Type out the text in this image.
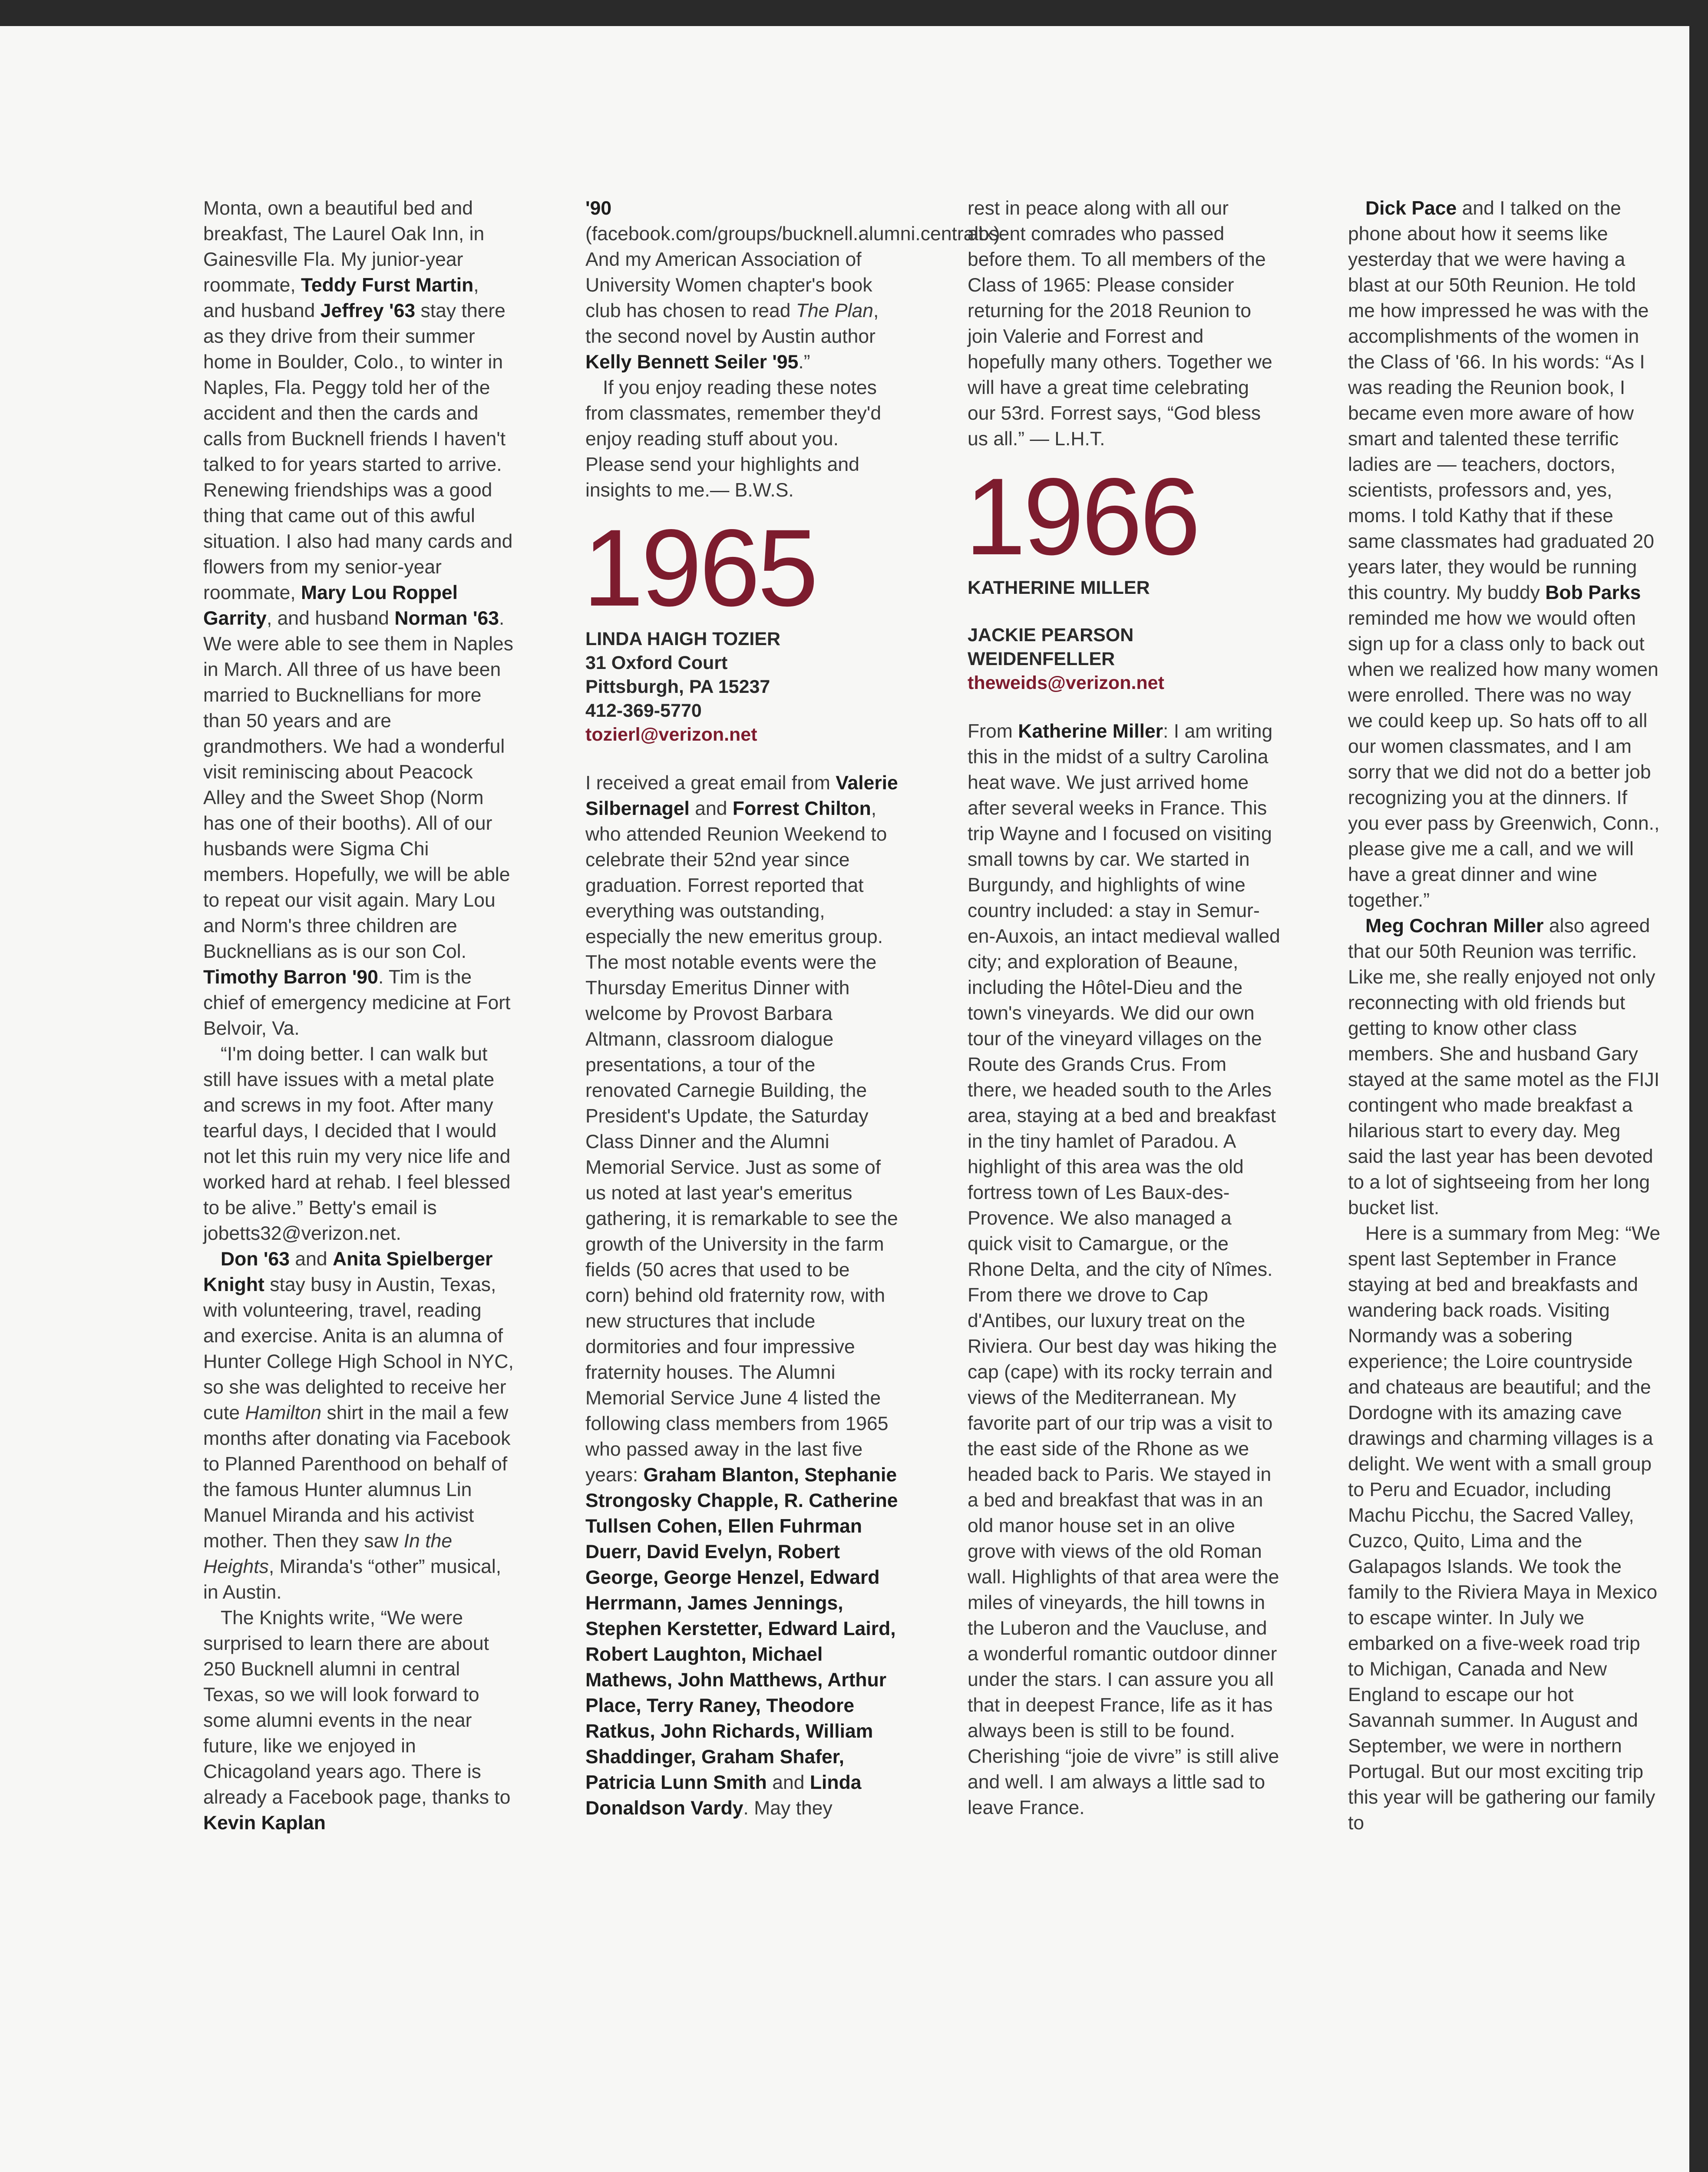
Monta, own a beautiful bed and breakfast, The Laurel Oak Inn, in Gainesville Fla. My junior-year roommate, Teddy Furst Martin, and husband Jeffrey '63 stay there as they drive from their summer home in Boulder, Colo., to winter in Naples, Fla. Peggy told her of the accident and then the cards and calls from Bucknell friends I haven't talked to for years started to arrive. Renewing friendships was a good thing that came out of this awful situation. I also had many cards and flowers from my senior-year roommate, Mary Lou Roppel Garrity, and husband Norman '63. We were able to see them in Naples in March. All three of us have been married to Bucknellians for more than 50 years and are grandmothers. We had a wonderful visit reminiscing about Peacock Alley and the Sweet Shop (Norm has one of their booths). All of our husbands were Sigma Chi members. Hopefully, we will be able to repeat our visit again. Mary Lou and Norm's three children are Bucknellians as is our son Col. Timothy Barron '90. Tim is the chief of emergency medicine at Fort Belvoir, Va.

“I'm doing better. I can walk but still have issues with a metal plate and screws in my foot. After many tearful days, I decided that I would not let this ruin my very nice life and worked hard at rehab. I feel blessed to be alive.” Betty's email is jobetts32@verizon.net.

Don '63 and Anita Spielberger Knight stay busy in Austin, Texas, with volunteering, travel, reading and exercise. Anita is an alumna of Hunter College High School in NYC, so she was delighted to receive her cute Hamilton shirt in the mail a few months after donating via Facebook to Planned Parenthood on behalf of the famous Hunter alumnus Lin Manuel Miranda and his activist mother. Then they saw In the Heights, Miranda's “other” musical, in Austin.

The Knights write, “We were surprised to learn there are about 250 Bucknell alumni in central Texas, so we will look forward to some alumni events in the near future, like we enjoyed in Chicagoland years ago. There is already a Facebook page, thanks to Kevin Kaplan

'90 (facebook.com/groups/bucknell.alumni.centraltx). And my American Association of University Women chapter's book club has chosen to read The Plan, the second novel by Austin author Kelly Bennett Seiler '95.”

If you enjoy reading these notes from classmates, remember they'd enjoy reading stuff about you. Please send your highlights and insights to me.— B.W.S.

1965
LINDA HAIGH TOZIER
31 Oxford Court
Pittsburgh, PA 15237
412-369-5770
tozierl@verizon.net

I received a great email from Valerie Silbernagel and Forrest Chilton, who attended Reunion Weekend to celebrate their 52nd year since graduation. Forrest reported that everything was outstanding, especially the new emeritus group. The most notable events were the Thursday Emeritus Dinner with welcome by Provost Barbara Altmann, classroom dialogue presentations, a tour of the renovated Carnegie Building, the President's Update, the Saturday Class Dinner and the Alumni Memorial Service. Just as some of us noted at last year's emeritus gathering, it is remarkable to see the growth of the University in the farm fields (50 acres that used to be corn) behind old fraternity row, with new structures that include dormitories and four impressive fraternity houses. The Alumni Memorial Service June 4 listed the following class members from 1965 who passed away in the last five years: Graham Blanton, Stephanie Strongosky Chapple, R. Catherine Tullsen Cohen, Ellen Fuhrman Duerr, David Evelyn, Robert George, George Henzel, Edward Herrmann, James Jennings, Stephen Kerstetter, Edward Laird, Robert Laughton, Michael Mathews, John Matthews, Arthur Place, Terry Raney, Theodore Ratkus, John Richards, William Shaddinger, Graham Shafer, Patricia Lunn Smith and Linda Donaldson Vardy. May they

rest in peace along with all our absent comrades who passed before them. To all members of the Class of 1965: Please consider returning for the 2018 Reunion to join Valerie and Forrest and hopefully many others. Together we will have a great time celebrating our 53rd. Forrest says, “God bless us all.” — L.H.T.

1966
KATHERINE MILLER
JACKIE PEARSON WEIDENFELLER
theweids@verizon.net

From Katherine Miller: I am writing this in the midst of a sultry Carolina heat wave. We just arrived home after several weeks in France. This trip Wayne and I focused on visiting small towns by car. We started in Burgundy, and highlights of wine country included: a stay in Semur-en-Auxois, an intact medieval walled city; and exploration of Beaune, including the Hôtel-Dieu and the town's vineyards. We did our own tour of the vineyard villages on the Route des Grands Crus. From there, we headed south to the Arles area, staying at a bed and breakfast in the tiny hamlet of Paradou. A highlight of this area was the old fortress town of Les Baux-des-Provence. We also managed a quick visit to Camargue, or the Rhone Delta, and the city of Nîmes. From there we drove to Cap d'Antibes, our luxury treat on the Riviera. Our best day was hiking the cap (cape) with its rocky terrain and views of the Mediterranean. My favorite part of our trip was a visit to the east side of the Rhone as we headed back to Paris. We stayed in a bed and breakfast that was in an old manor house set in an olive grove with views of the old Roman wall. Highlights of that area were the miles of vineyards, the hill towns in the Luberon and the Vaucluse, and a wonderful romantic outdoor dinner under the stars. I can assure you all that in deepest France, life as it has always been is still to be found. Cherishing “joie de vivre” is still alive and well. I am always a little sad to leave France.

Dick Pace and I talked on the phone about how it seems like yesterday that we were having a blast at our 50th Reunion. He told me how impressed he was with the accomplishments of the women in the Class of '66. In his words: “As I was reading the Reunion book, I became even more aware of how smart and talented these terrific ladies are — teachers, doctors, scientists, professors and, yes, moms. I told Kathy that if these same classmates had graduated 20 years later, they would be running this country. My buddy Bob Parks reminded me how we would often sign up for a class only to back out when we realized how many women were enrolled. There was no way we could keep up. So hats off to all our women classmates, and I am sorry that we did not do a better job recognizing you at the dinners. If you ever pass by Greenwich, Conn., please give me a call, and we will have a great dinner and wine together.”

Meg Cochran Miller also agreed that our 50th Reunion was terrific. Like me, she really enjoyed not only reconnecting with old friends but getting to know other class members. She and husband Gary stayed at the same motel as the FIJI contingent who made breakfast a hilarious start to every day. Meg said the last year has been devoted to a lot of sightseeing from her long bucket list.

Here is a summary from Meg: “We spent last September in France staying at bed and breakfasts and wandering back roads. Visiting Normandy was a sobering experience; the Loire countryside and chateaus are beautiful; and the Dordogne with its amazing cave drawings and charming villages is a delight. We went with a small group to Peru and Ecuador, including Machu Picchu, the Sacred Valley, Cuzco, Quito, Lima and the Galapagos Islands. We took the family to the Riviera Maya in Mexico to escape winter. In July we embarked on a five-week road trip to Michigan, Canada and New England to escape our hot Savannah summer. In August and September, we were in northern Portugal. But our most exciting trip this year will be gathering our family to
